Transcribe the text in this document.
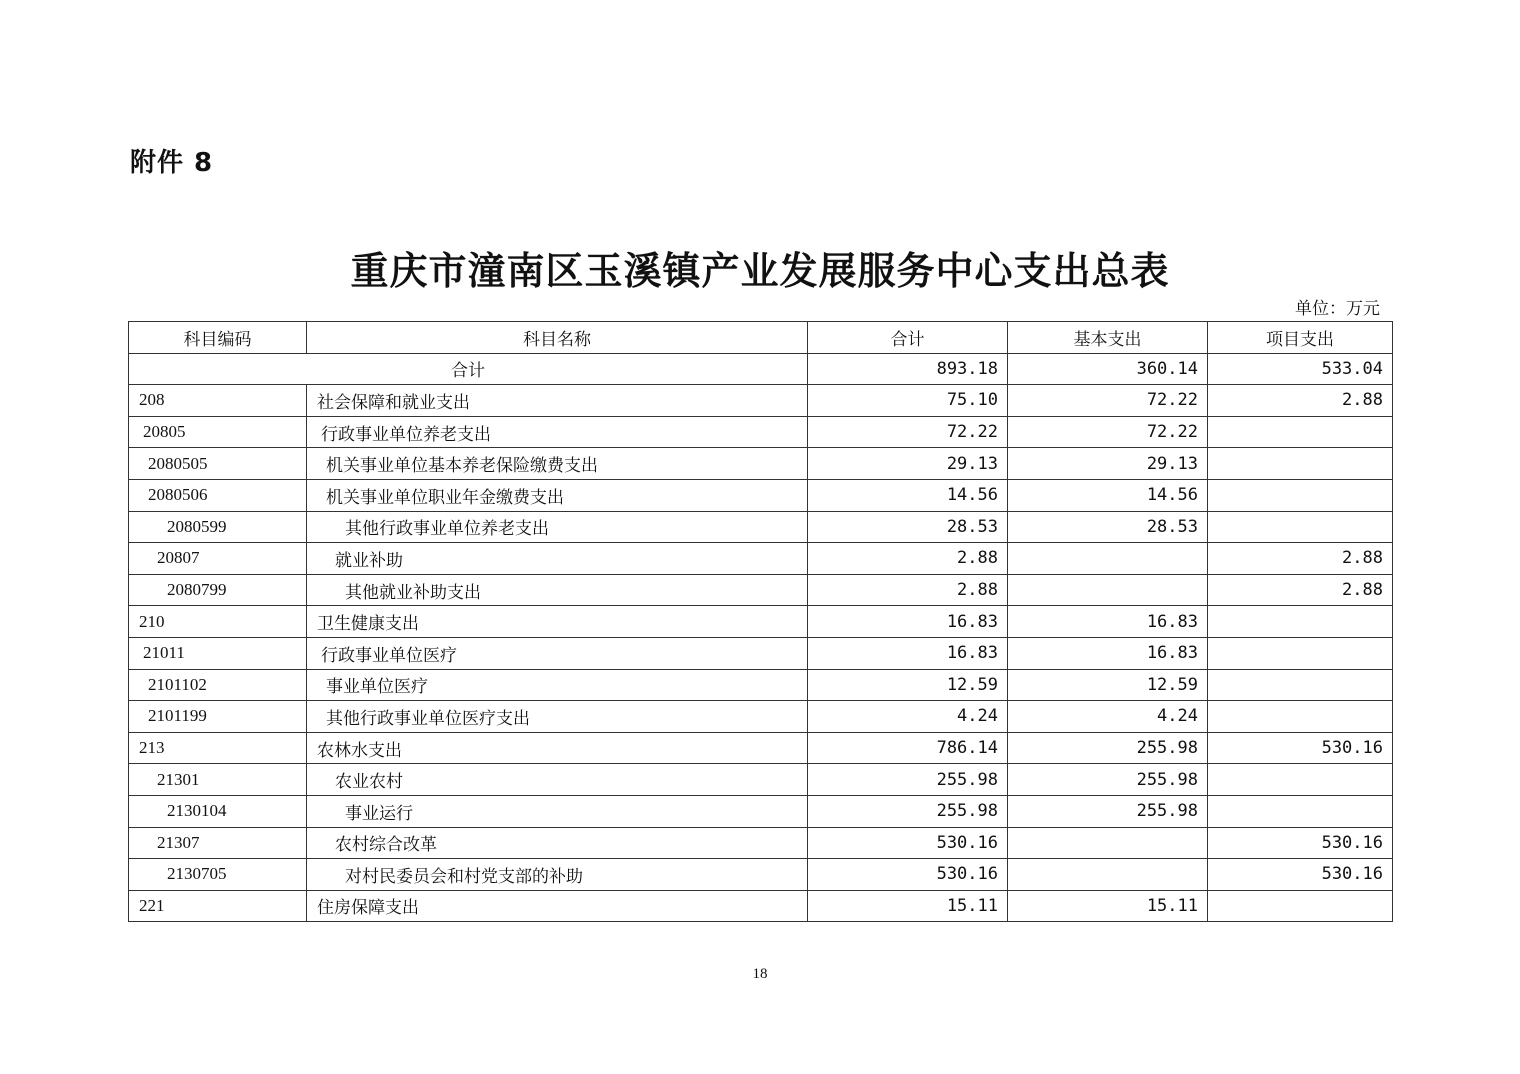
附件 8
重庆市潼南区玉溪镇产业发展服务中心支出总表
单位：万元
科目编码	科目名称	合计	基本支出	项目支出
合计		893.18	360.14	533.04
208	社会保障和就业支出	75.10	72.22	2.88
20805	行政事业单位养老支出	72.22	72.22	
2080505	机关事业单位基本养老保险缴费支出	29.13	29.13	
2080506	机关事业单位职业年金缴费支出	14.56	14.56	
2080599	其他行政事业单位养老支出	28.53	28.53	
20807	就业补助	2.88		2.88
2080799	其他就业补助支出	2.88		2.88
210	卫生健康支出	16.83	16.83	
21011	行政事业单位医疗	16.83	16.83	
2101102	事业单位医疗	12.59	12.59	
2101199	其他行政事业单位医疗支出	4.24	4.24	
213	农林水支出	786.14	255.98	530.16
21301	农业农村	255.98	255.98	
2130104	事业运行	255.98	255.98	
21307	农村综合改革	530.16		530.16
2130705	对村民委员会和村党支部的补助	530.16		530.16
221	住房保障支出	15.11	15.11	
18
